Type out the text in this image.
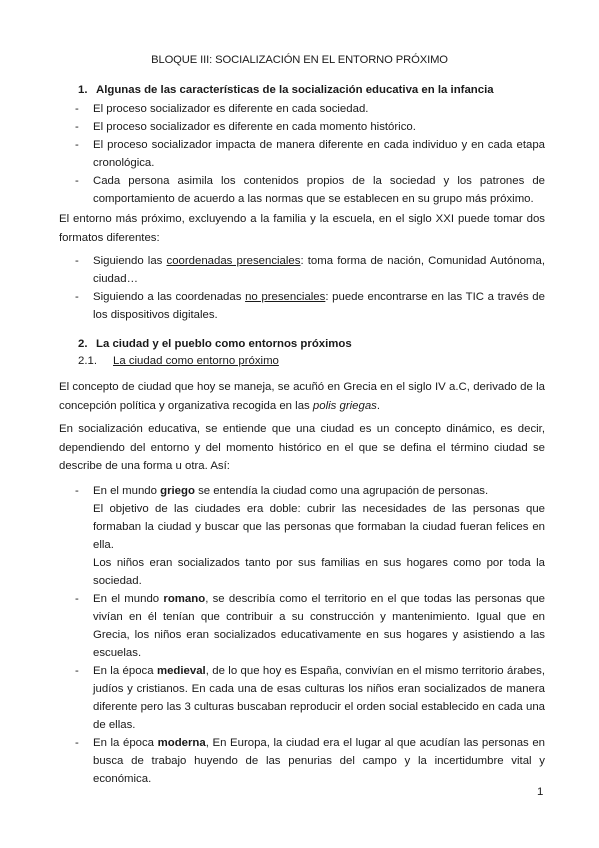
BLOQUE III: SOCIALIZACIÓN EN EL ENTORNO PRÓXIMO
1. Algunas de las características de la socialización educativa en la infancia
- El proceso socializador es diferente en cada sociedad.
- El proceso socializador es diferente en cada momento histórico.
- El proceso socializador impacta de manera diferente en cada individuo y en cada etapa cronológica.
- Cada persona asimila los contenidos propios de la sociedad y los patrones de comportamiento de acuerdo a las normas que se establecen en su grupo más próximo.

El entorno más próximo, excluyendo a la familia y la escuela, en el siglo XXI puede tomar dos formatos diferentes:

- Siguiendo las coordenadas presenciales: toma forma de nación, Comunidad Autónoma, ciudad…
- Siguiendo a las coordenadas no presenciales: puede encontrarse en las TIC a través de los dispositivos digitales.
2. La ciudad y el pueblo como entornos próximos
2.1. La ciudad como entorno próximo

El concepto de ciudad que hoy se maneja, se acuñó en Grecia en el siglo IV a.C, derivado de la concepción política y organizativa recogida en las polis griegas.

En socialización educativa, se entiende que una ciudad es un concepto dinámico, es decir, dependiendo del entorno y del momento histórico en el que se defina el término ciudad se describe de una forma u otra. Así:

- En el mundo griego se entendía la ciudad como una agrupación de personas.
El objetivo de las ciudades era doble: cubrir las necesidades de las personas que formaban la ciudad y buscar que las personas que formaban la ciudad fueran felices en ella.
Los niños eran socializados tanto por sus familias en sus hogares como por toda la sociedad.
- En el mundo romano, se describía como el territorio en el que todas las personas que vivían en él tenían que contribuir a su construcción y mantenimiento. Igual que en Grecia, los niños eran socializados educativamente en sus hogares y asistiendo a las escuelas.
- En la época medieval, de lo que hoy es España, convivían en el mismo territorio árabes, judíos y cristianos. En cada una de esas culturas los niños eran socializados de manera diferente pero las 3 culturas buscaban reproducir el orden social establecido en cada una de ellas.
- En la época moderna, En Europa, la ciudad era el lugar al que acudían las personas en busca de trabajo huyendo de las penurias del campo y la incertidumbre vital y económica.
1
